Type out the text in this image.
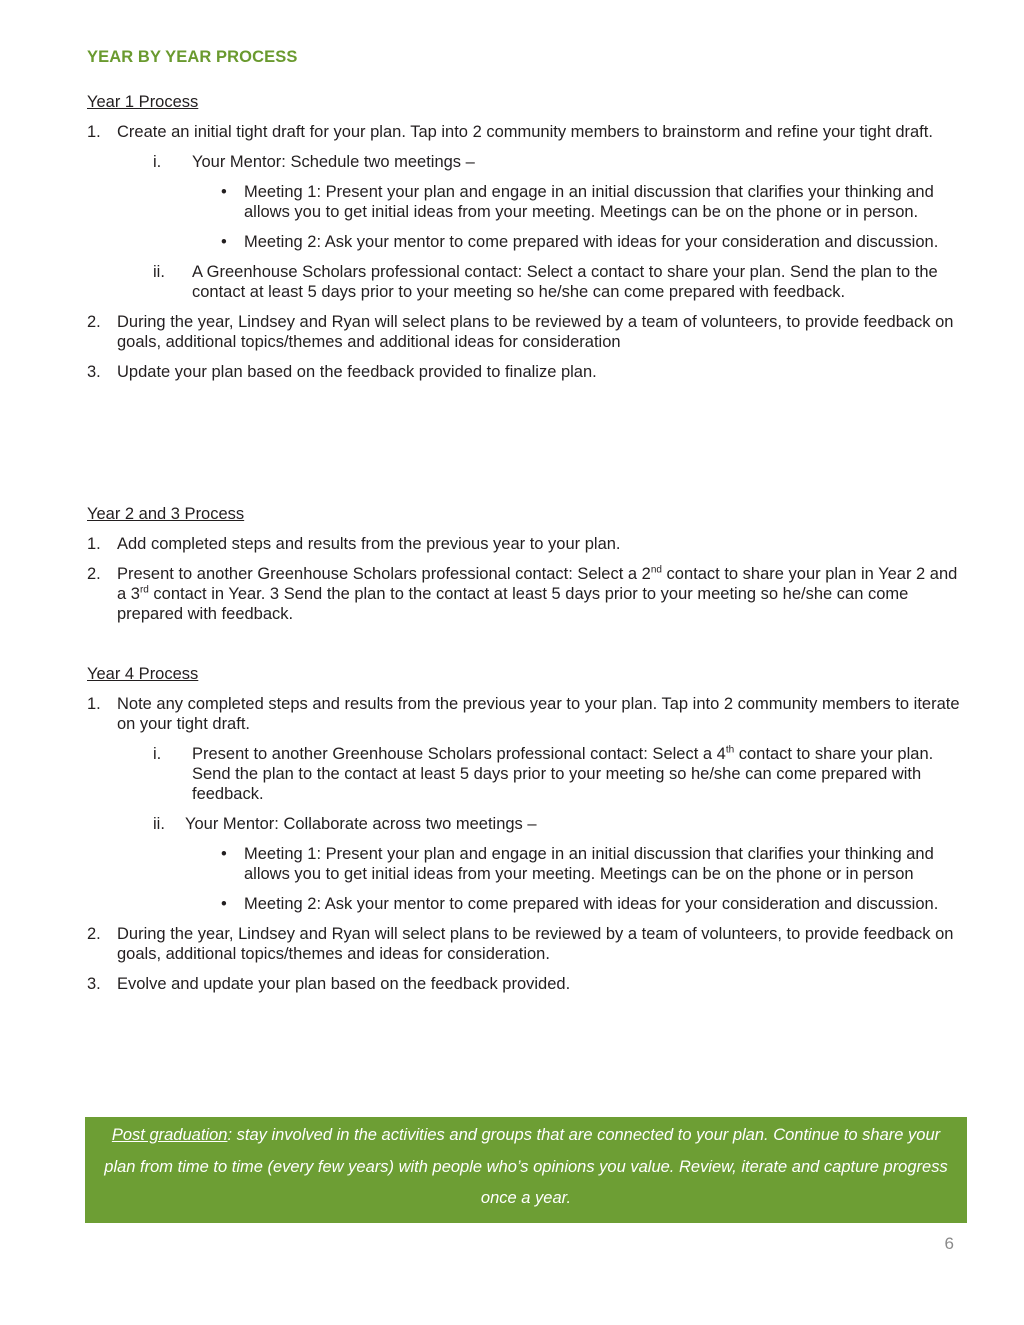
YEAR BY YEAR PROCESS
Year 1 Process
1. Create an initial tight draft for your plan. Tap into 2 community members to brainstorm and refine your tight draft.
i.	Your Mentor: Schedule two meetings –
• Meeting 1: Present your plan and engage in an initial discussion that clarifies your thinking and allows you to get initial ideas from your meeting. Meetings can be on the phone or in person.
• Meeting 2: Ask your mentor to come prepared with ideas for your consideration and discussion.
ii.	A Greenhouse Scholars professional contact: Select a contact to share your plan. Send the plan to the contact at least 5 days prior to your meeting so he/she can come prepared with feedback.
2. During the year, Lindsey and Ryan will select plans to be reviewed by a team of volunteers, to provide feedback on goals, additional topics/themes and additional ideas for consideration
3. Update your plan based on the feedback provided to finalize plan.
Year 2 and 3 Process
1. Add completed steps and results from the previous year to your plan.
2. Present to another Greenhouse Scholars professional contact: Select a 2nd contact to share your plan in Year 2 and a 3rd contact in Year. 3 Send the plan to the contact at least 5 days prior to your meeting so he/she can come prepared with feedback.
Year 4 Process
1. Note any completed steps and results from the previous year to your plan. Tap into 2 community members to iterate on your tight draft.
i.	Present to another Greenhouse Scholars professional contact: Select a 4th contact to share your plan. Send the plan to the contact at least 5 days prior to your meeting so he/she can come prepared with feedback.
ii.	Your Mentor: Collaborate across two meetings –
• Meeting 1: Present your plan and engage in an initial discussion that clarifies your thinking and allows you to get initial ideas from your meeting. Meetings can be on the phone or in person
• Meeting 2: Ask your mentor to come prepared with ideas for your consideration and discussion.
2. During the year, Lindsey and Ryan will select plans to be reviewed by a team of volunteers, to provide feedback on goals, additional topics/themes and ideas for consideration.
3. Evolve and update your plan based on the feedback provided.
Post graduation: stay involved in the activities and groups that are connected to your plan. Continue to share your plan from time to time (every few years) with people who’s opinions you value. Review, iterate and capture progress once a year.
6
